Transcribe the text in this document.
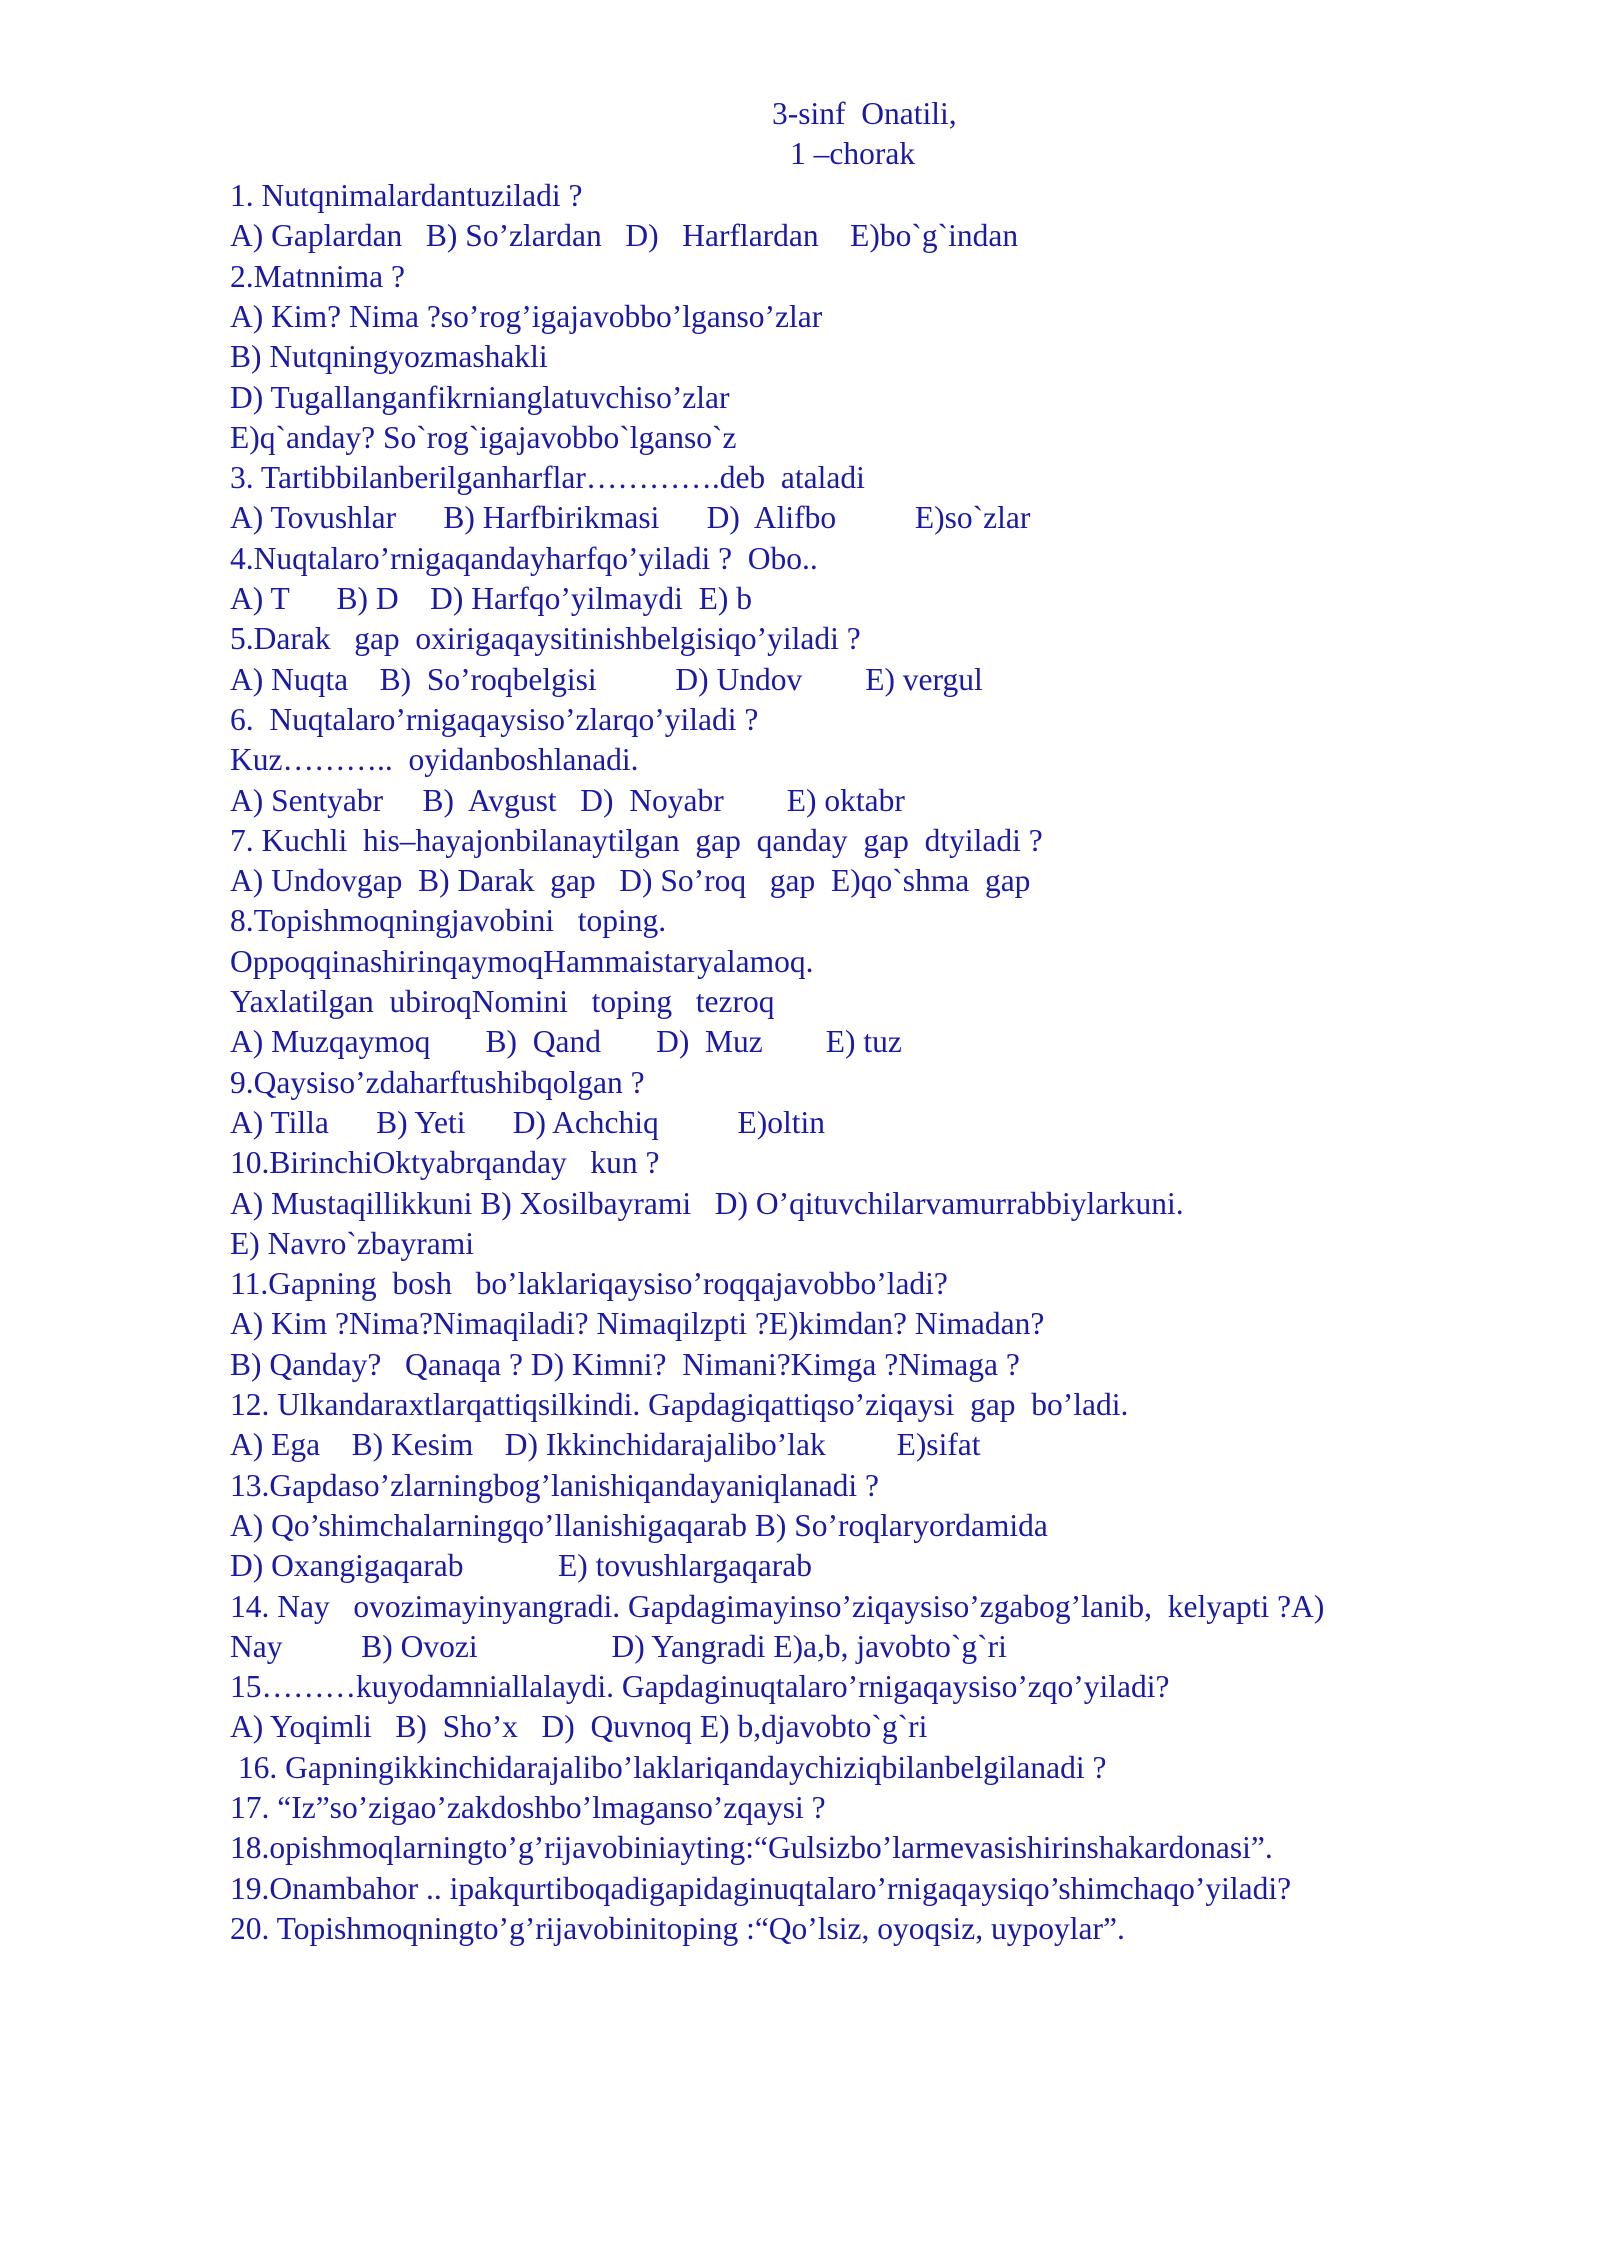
3-sinf  Onatili,
1 –chorak
1. Nutqnimalardantuziladi ?
A) Gaplardan   B) So’zlardan   D)   Harflardan    E)bo`g`indan
2.Matnnima ?
A) Kim? Nima ?so’rog’igajavobbo’lganso’zlar
B) Nutqningyozmashakli
D) Tugallanganfikrnianglatuvchiso’zlar
E)q`anday? So`rog`igajavobbo`lganso`z
3. Tartibbilanberilganharflar………….deb  ataladi
A) Tovushlar      B) Harfbirikmasi      D)  Alifbo          E)so`zlar
4.Nuqtalaro’rnigaqandayharfqo’yiladi ?  Obo..
A) T      B) D    D) Harfqo’yilmaydi  E) b
5.Darak   gap  oxirigaqaysitinishbelgisiqo’yiladi ?
A) Nuqta    B)  So’roqbelgisi          D) Undov        E) vergul
6.  Nuqtalaro’rnigaqaysiso’zlarqo’yiladi ?
Kuz………..  oyidanboshlanadi.
A) Sentyabr     B)  Avgust   D)  Noyabr        E) oktabr
7. Kuchli  his–hayajonbilanaytilgan  gap  qanday  gap  dtyiladi ?
A) Undovgap  B) Darak  gap   D) So’roq   gap  E)qo`shma  gap
8.Topishmoqningjavobini   toping.
OppoqqinashirinqaymoqHammaistaryalamoq.
Yaxlatilgan  ubiroqNomini   toping   tezroq
A) Muzqaymoq       B)  Qand       D)  Muz        E) tuz
9.Qaysiso’zdaharftushibqolgan ?
A) Tilla      B) Yeti      D) Achchiq          E)oltin
10.BirinchiOktyabrqanday   kun ?
A) Mustaqillikkuni B) Xosilbayrami   D) O’qituvchilarvamurrabbiylarkuni.
E) Navro`zbayrami
11.Gapning  bosh   bo’laklariqaysiso’roqqajavobbo’ladi?
A) Kim ?Nima?Nimaqiladi? Nimaqilzpti ?E)kimdan? Nimadan?
B) Qanday?   Qanaqa ? D) Kimni?  Nimani?Kimga ?Nimaga ?
12. Ulkandaraxtlarqattiqsilkindi. Gapdagiqattiqso’ziqaysi  gap  bo’ladi.
A) Ega    B) Kesim    D) Ikkinchidarajalibo’lak         E)sifat
13.Gapdaso’zlarningbog’lanishiqandayaniqlanadi ?
A) Qo’shimchalarningqo’llanishigaqarab B) So’roqlaryordamida
D) Oxangigaqarab            E) tovushlargaqarab
14. Nay   ovozimayinyangradi. Gapdagimayinso’ziqaysiso’zgabog’lanib,  kelyapti ?A)
Nay          B) Ovozi                 D) Yangradi E)a,b, javobto`g`ri
15………kuyodamniallalaydi. Gapdaginuqtalaro’rnigaqaysiso’zqo’yiladi?
A) Yoqimli   B)  Sho’x   D)  Quvnoq E) b,djavobto`g`ri
16. Gapningikkinchidarajalibo’laklariqandaychiziqbilanbelgilanadi ?
17. “Iz”so’zigao’zakdoshbo’lmaganso’zqaysi ?
18.opishmoqlarningto’g’rijavobiniayting:“Gulsizbo’larmevasishirinshakardonasi”.
19.Onambahor .. ipakqurtiboqadigapidaginuqtalaro’rnigaqaysiqo’shimchaqo’yiladi?
20. Topishmoqningto’g’rijavobinitoping :“Qo’lsiz, oyoqsiz, uypoylar”.
